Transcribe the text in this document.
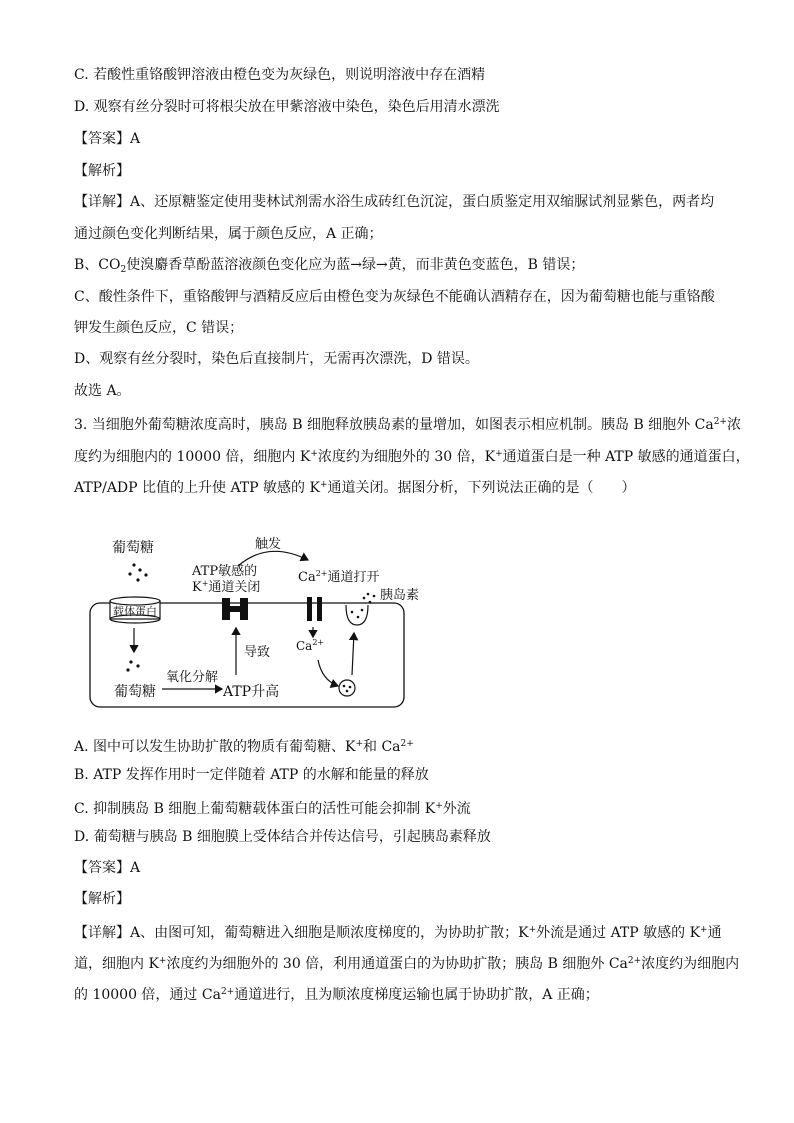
C. 若酸性重铬酸钾溶液由橙色变为灰绿色，则说明溶液中存在酒精
D. 观察有丝分裂时可将根尖放在甲紫溶液中染色，染色后用清水漂洗
【答案】A
【解析】
【详解】A、还原糖鉴定使用斐林试剂需水浴生成砖红色沉淀，蛋白质鉴定用双缩脲试剂显紫色，两者均
通过颜色变化判断结果，属于颜色反应，A 正确；
B、$CO_2$使溴麝香草酚蓝溶液颜色变化应为蓝→绿→黄，而非黄色变蓝色，B 错误；
C、酸性条件下，重铬酸钾与酒精反应后由橙色变为灰绿色不能确认酒精存在，因为葡萄糖也能与重铬酸
钾发生颜色反应，C 错误；
D、观察有丝分裂时，染色后直接制片，无需再次漂洗，D 错误。
故选 A。
3. 当细胞外葡萄糖浓度高时，胰岛 B 细胞释放胰岛素的量增加，如图表示相应机制。胰岛 B 细胞外 $Ca^{2+}$浓
度约为细胞内的 10000 倍，细胞内 K+浓度约为细胞外的 30 倍，K+通道蛋白是一种 ATP 敏感的通道蛋白，
ATP/ADP 比值的上升使 ATP 敏感的 K+通道关闭。据图分析，下列说法正确的是（　　）
葡萄糖
载体蛋白
葡萄糖
氧化分解
ATP升高
导致
ATP敏感的
K+通道关闭
触发
$Ca^{2+}$通道打开
$Ca^{2+}$
胰岛素
A. 图中可以发生协助扩散的物质有葡萄糖、K+和 $Ca^{2+}$
B. ATP 发挥作用时一定伴随着 ATP 的水解和能量的释放
C. 抑制胰岛 B 细胞上葡萄糖载体蛋白的活性可能会抑制 K+外流
D. 葡萄糖与胰岛 B 细胞膜上受体结合并传达信号，引起胰岛素释放
【答案】A
【解析】
【详解】A、由图可知，葡萄糖进入细胞是顺浓度梯度的，为协助扩散；K+外流是通过 ATP 敏感的 K+通
道，细胞内 K+浓度约为细胞外的 30 倍，利用通道蛋白的为协助扩散；胰岛 B 细胞外 $Ca^{2+}$浓度约为细胞内
的 10000 倍，通过 $Ca^{2+}$通道进行，且为顺浓度梯度运输也属于协助扩散，A 正确；
